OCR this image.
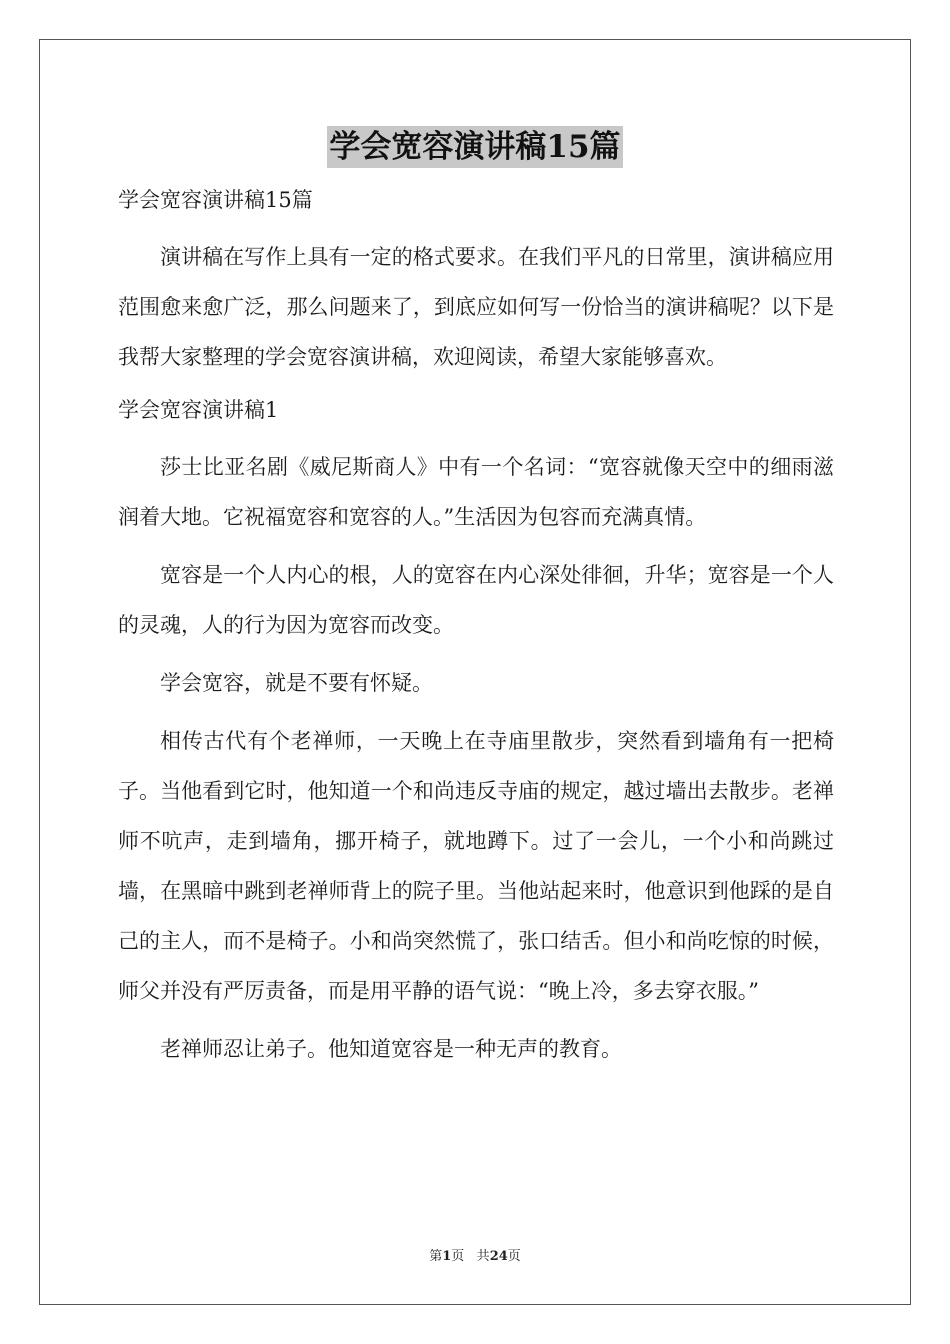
学会宽容演讲稿15篇

学会宽容演讲稿15篇

演讲稿在写作上具有一定的格式要求。在我们平凡的日常里，演讲稿应用范围愈来愈广泛，那么问题来了，到底应如何写一份恰当的演讲稿呢？以下是我帮大家整理的学会宽容演讲稿，欢迎阅读，希望大家能够喜欢。

学会宽容演讲稿1

莎士比亚名剧《威尼斯商人》中有一个名词：“宽容就像天空中的细雨滋润着大地。它祝福宽容和宽容的人。”生活因为包容而充满真情。

宽容是一个人内心的根，人的宽容在内心深处徘徊，升华；宽容是一个人的灵魂，人的行为因为宽容而改变。

学会宽容，就是不要有怀疑。

相传古代有个老禅师，一天晚上在寺庙里散步，突然看到墙角有一把椅子。当他看到它时，他知道一个和尚违反寺庙的规定，越过墙出去散步。老禅师不吭声，走到墙角，挪开椅子，就地蹲下。过了一会儿，一个小和尚跳过墙，在黑暗中跳到老禅师背上的院子里。当他站起来时，他意识到他踩的是自己的主人，而不是椅子。小和尚突然慌了，张口结舌。但小和尚吃惊的时候，师父并没有严厉责备，而是用平静的语气说：“晚上冷，多去穿衣服。”

老禅师忍让弟子。他知道宽容是一种无声的教育。

第1页 共24页
